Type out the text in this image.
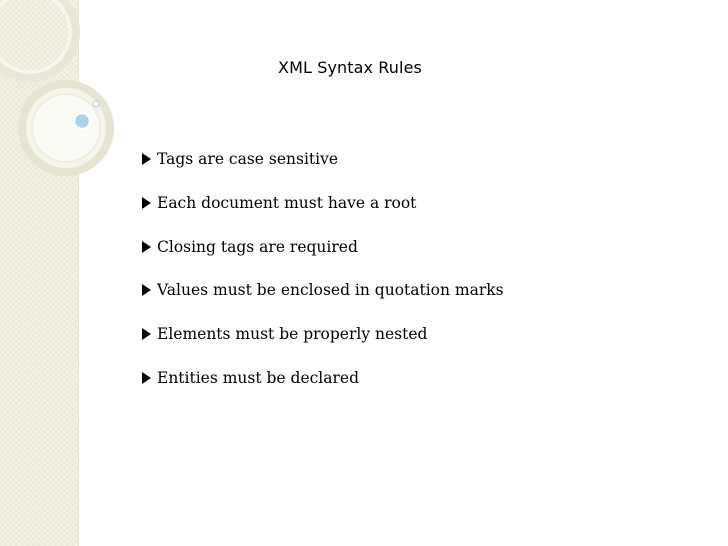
XML Syntax Rules
Tags are case sensitive
Each document must have a root
Closing tags are required
Values must be enclosed in quotation marks
Elements must be properly nested
Entities must be declared
